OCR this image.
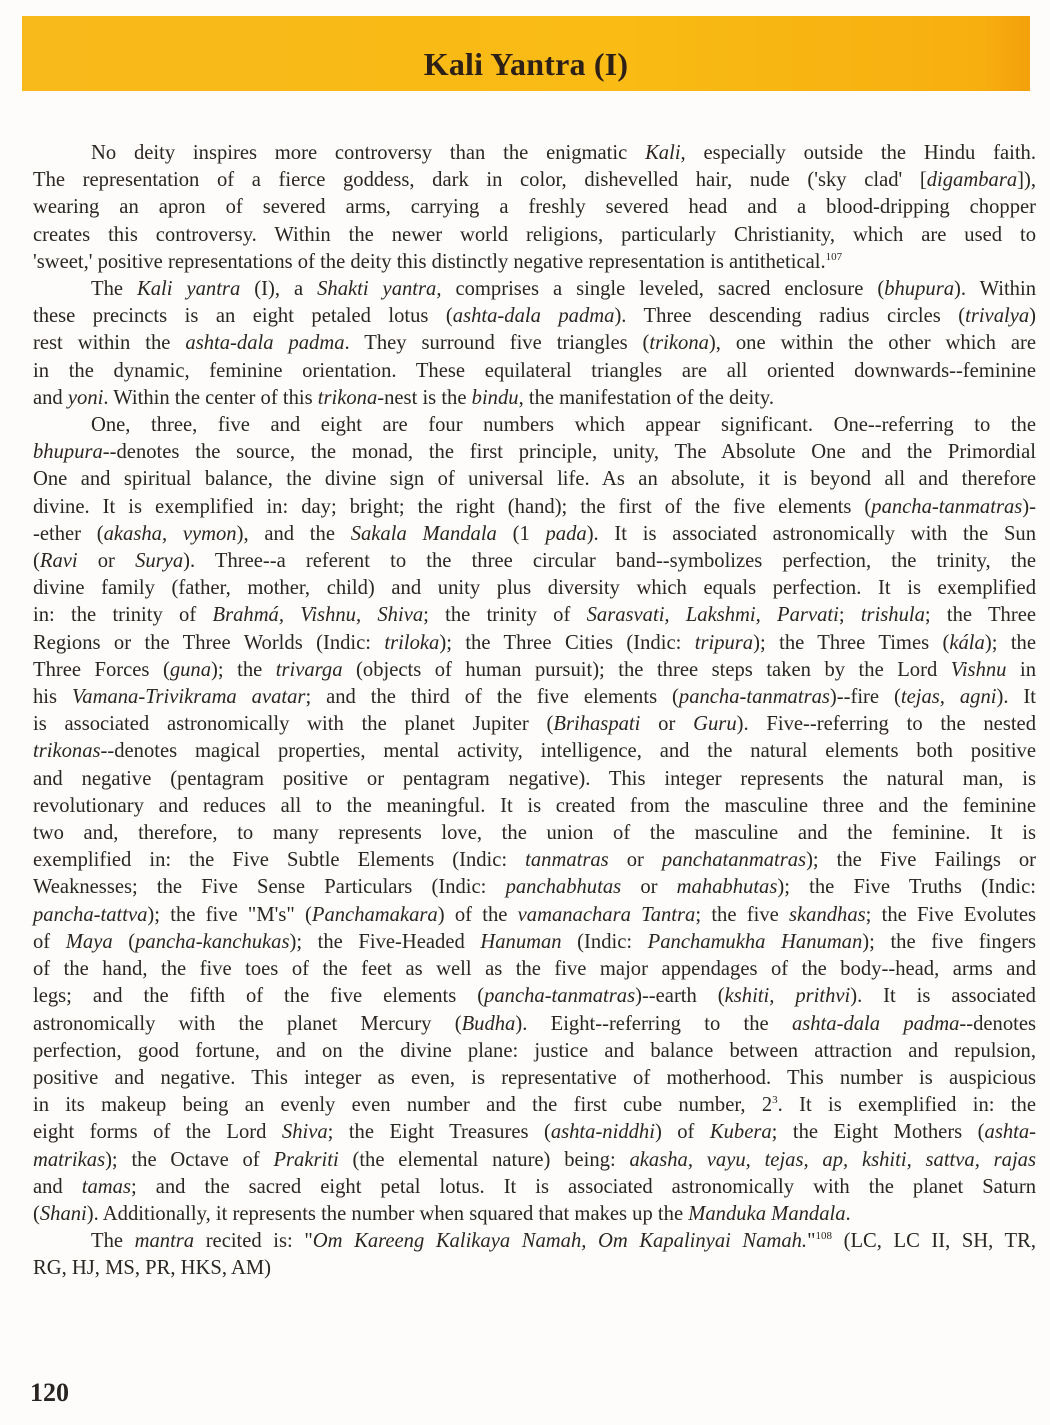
Kali Yantra (I)
No deity inspires more controversy than the enigmatic Kali, especially outside the Hindu faith.
The representation of a fierce goddess, dark in color, dishevelled hair, nude ('sky clad' [digambara]),
wearing an apron of severed arms, carrying a freshly severed head and a blood-dripping chopper
creates this controversy. Within the newer world religions, particularly Christianity, which are used to
'sweet,' positive representations of the deity this distinctly negative representation is antithetical.$^{107}$
The Kali yantra (I), a Shakti yantra, comprises a single leveled, sacred enclosure (bhupura). Within
these precincts is an eight petaled lotus (ashta-dala padma). Three descending radius circles (trivalya)
rest within the ashta-dala padma. They surround five triangles (trikona), one within the other which are
in the dynamic, feminine orientation. These equilateral triangles are all oriented downwards--feminine
and yoni. Within the center of this trikona-nest is the bindu, the manifestation of the deity.
One, three, five and eight are four numbers which appear significant. One--referring to the
bhupura--denotes the source, the monad, the first principle, unity, The Absolute One and the Primordial
One and spiritual balance, the divine sign of universal life. As an absolute, it is beyond all and therefore
divine. It is exemplified in: day; bright; the right (hand); the first of the five elements (pancha-tanmatras)-
-ether (akasha, vymon), and the Sakala Mandala (1 pada). It is associated astronomically with the Sun
(Ravi or Surya). Three--a referent to the three circular band--symbolizes perfection, the trinity, the
divine family (father, mother, child) and unity plus diversity which equals perfection. It is exemplified
in: the trinity of Brahmá, Vishnu, Shiva; the trinity of Sarasvati, Lakshmi, Parvati; trishula; the Three
Regions or the Three Worlds (Indic: triloka); the Three Cities (Indic: tripura); the Three Times (kála); the
Three Forces (guna); the trivarga (objects of human pursuit); the three steps taken by the Lord Vishnu in
his Vamana-Trivikrama avatar; and the third of the five elements (pancha-tanmatras)--fire (tejas, agni). It
is associated astronomically with the planet Jupiter (Brihaspati or Guru). Five--referring to the nested
trikonas--denotes magical properties, mental activity, intelligence, and the natural elements both positive
and negative (pentagram positive or pentagram negative). This integer represents the natural man, is
revolutionary and reduces all to the meaningful. It is created from the masculine three and the feminine
two and, therefore, to many represents love, the union of the masculine and the feminine. It is
exemplified in: the Five Subtle Elements (Indic: tanmatras or panchatanmatras); the Five Failings or
Weaknesses; the Five Sense Particulars (Indic: panchabhutas or mahabhutas); the Five Truths (Indic:
pancha-tattva); the five "M's" (Panchamakara) of the vamanachara Tantra; the five skandhas; the Five Evolutes
of Maya (pancha-kanchukas); the Five-Headed Hanuman (Indic: Panchamukha Hanuman); the five fingers
of the hand, the five toes of the feet as well as the five major appendages of the body--head, arms and
legs; and the fifth of the five elements (pancha-tanmatras)--earth (kshiti, prithvi). It is associated
astronomically with the planet Mercury (Budha). Eight--referring to the ashta-dala padma--denotes
perfection, good fortune, and on the divine plane: justice and balance between attraction and repulsion,
positive and negative. This integer as even, is representative of motherhood. This number is auspicious
in its makeup being an evenly even number and the first cube number, $2^3$. It is exemplified in: the
eight forms of the Lord Shiva; the Eight Treasures (ashta-niddhi) of Kubera; the Eight Mothers (ashta-
matrikas); the Octave of Prakriti (the elemental nature) being: akasha, vayu, tejas, ap, kshiti, sattva, rajas
and tamas; and the sacred eight petal lotus. It is associated astronomically with the planet Saturn
(Shani). Additionally, it represents the number when squared that makes up the Manduka Mandala.
The mantra recited is: "Om Kareeng Kalikaya Namah, Om Kapalinyai Namah."$^{108}$ (LC, LC II, SH, TR,
RG, HJ, MS, PR, HKS, AM)
120
